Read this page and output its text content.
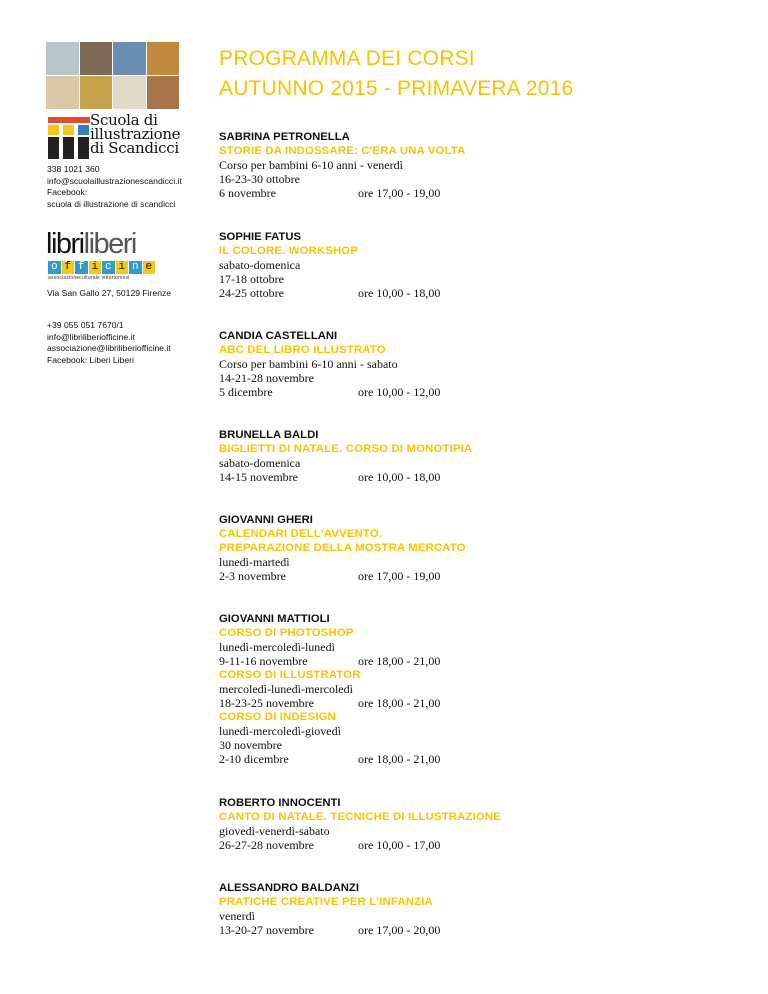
Scuola di
illustrazione
di Scandicci
338 1021 360
info@scuolaillustrazionescandicci.it
Facebook:
scuola di illustrazione di scandicci
libriliberi
o f f i c i n e
associazioneculturale vittoriorossi
Via San Gallo 27, 50129 Firenze
+39 055 051 7670/1
info@libriliberiofficine.it
associazione@libriliberiofficine.it
Facebook: Liberi Liberi
PROGRAMMA DEI CORSI
AUTUNNO 2015 - PRIMAVERA 2016
SABRINA PETRONELLA
STORIE DA INDOSSARE: C'ERA UNA VOLTA
Corso per bambini 6-10 anni - venerdì
16-23-30 ottobre
6 novembre	ore 17,00 - 19,00
SOPHIE FATUS
IL COLORE. WORKSHOP
sabato-domenica
17-18 ottobre
24-25 ottobre	ore 10,00 - 18,00
CANDIA CASTELLANI
ABC DEL LIBRO ILLUSTRATO
Corso per bambini 6-10 anni - sabato
14-21-28 novembre
5 dicembre	ore 10,00 - 12,00
BRUNELLA BALDI
BIGLIETTI DI NATALE. CORSO DI MONOTIPIA
sabato-domenica
14-15 novembre	ore 10,00 - 18,00
GIOVANNI GHERI
CALENDARI DELL'AVVENTO.
PREPARAZIONE DELLA MOSTRA MERCATO
lunedì-martedì
2-3 novembre	ore 17,00 - 19,00
GIOVANNI MATTIOLI
CORSO DI PHOTOSHOP
lunedì-mercoledì-lunedì
9-11-16 novembre	ore 18,00 - 21,00
CORSO DI ILLUSTRATOR
mercoledì-lunedì-mercoledì
18-23-25 novembre	ore 18,00 - 21,00
CORSO DI INDESIGN
lunedì-mercoledì-giovedì
30 novembre
2-10 dicembre	ore 18,00 - 21,00
ROBERTO INNOCENTI
CANTO DI NATALE. TECNICHE DI ILLUSTRAZIONE
giovedì-venerdì-sabato
26-27-28 novembre	ore 10,00 - 17,00
ALESSANDRO BALDANZI
PRATICHE CREATIVE PER L'INFANZIA
venerdì
13-20-27 novembre	ore 17,00 - 20,00
